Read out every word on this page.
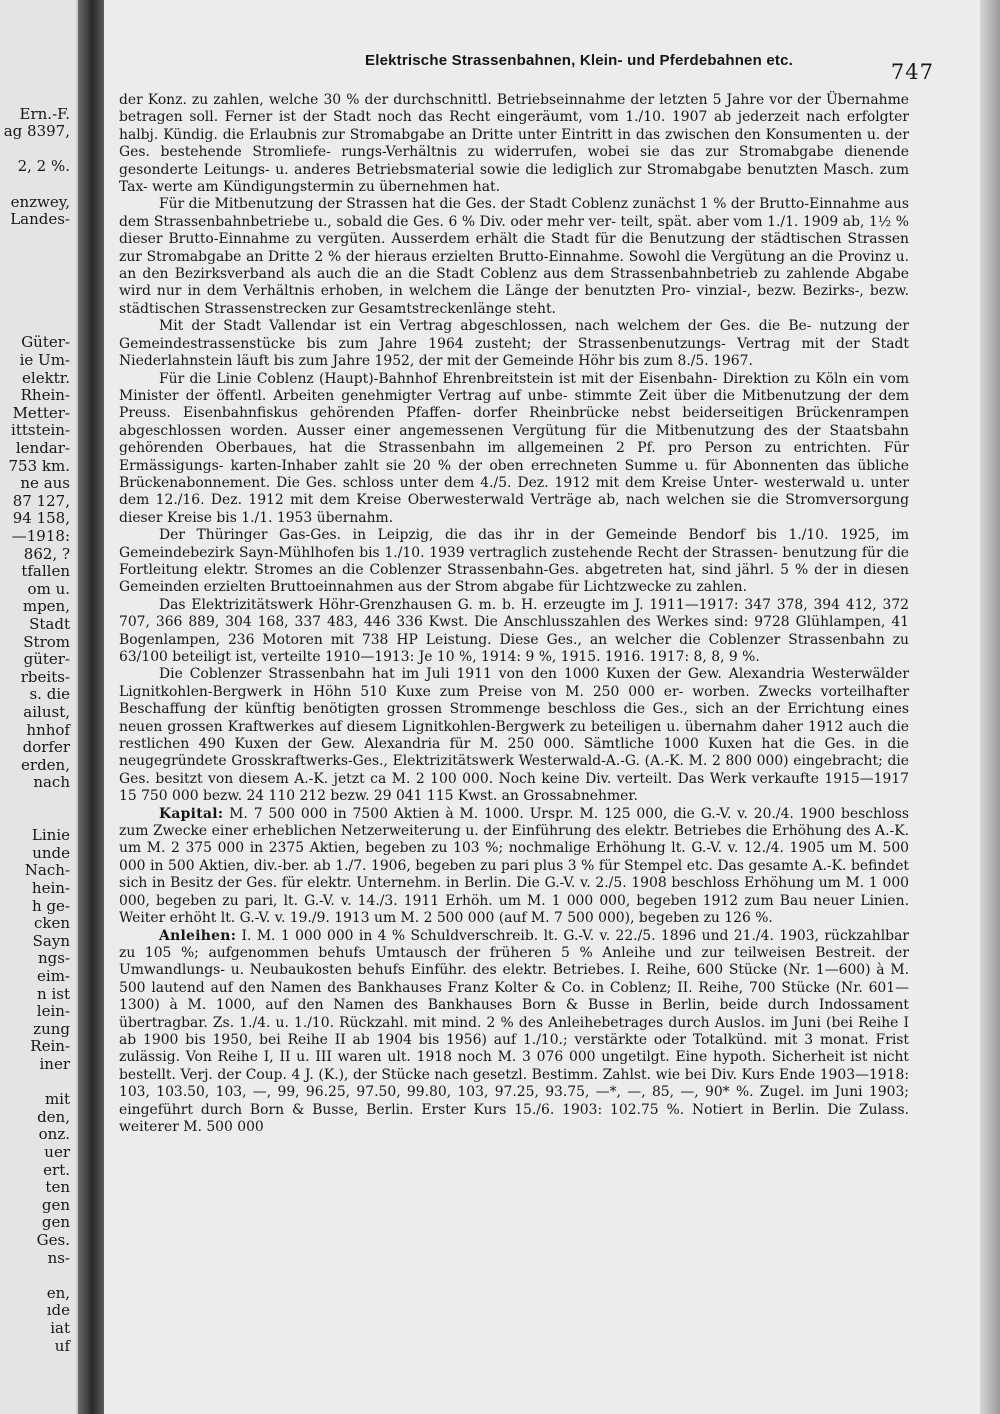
Ern.-F.
ag 8397,
2, 2 %.
enzwey,
Landes-
Güter-
ie Um-
elektr.
Rhein-
Metter-
ittstein-
lendar-
753 km.
ne aus
87 127,
94 158,
—1918:
862, ?
tfallen
om u.
mpen,
Stadt
Strom
güter-
rbeits-
s. die
ailust,
hnhof
dorfer
erden,
nach
Linie
unde
Nach-
hein-
h ge-
cken
Sayn
ngs-
eim-
n ist
lein-
zung
Rein-
iner
mit
den,
onz.
uer
ert.
ten
gen
gen
Ges.
ns-
en,
ıde
iat
uf
Elektrische Strassenbahnen, Klein- und Pferdebahnen etc.	747

der Konz. zu zahlen, welche 30 % der durchschnittl. Betriebseinnahme der letzten 5 Jahre vor der Übernahme betragen soll. Ferner ist der Stadt noch das Recht eingeräumt, vom 1./10. 1907 ab jederzeit nach erfolgter halbj. Kündig. die Erlaubnis zur Stromabgabe an Dritte unter Eintritt in das zwischen den Konsumenten u. der Ges. bestehende Stromliefe- rungs-Verhältnis zu widerrufen, wobei sie das zur Stromabgabe dienende gesonderte Leitungs- u. anderes Betriebsmaterial sowie die lediglich zur Stromabgabe benutzten Masch. zum Tax- werte am Kündigungstermin zu übernehmen hat.

Für die Mitbenutzung der Strassen hat die Ges. der Stadt Coblenz zunächst 1 % der Brutto-Einnahme aus dem Strassenbahnbetriebe u., sobald die Ges. 6 % Div. oder mehr ver- teilt, spät. aber vom 1./1. 1909 ab, 1½ % dieser Brutto-Einnahme zu vergüten. Ausserdem erhält die Stadt für die Benutzung der städtischen Strassen zur Stromabgabe an Dritte 2 % der hieraus erzielten Brutto-Einnahme. Sowohl die Vergütung an die Provinz u. an den Bezirksverband als auch die an die Stadt Coblenz aus dem Strassenbahnbetrieb zu zahlende Abgabe wird nur in dem Verhältnis erhoben, in welchem die Länge der benutzten Pro- vinzial-, bezw. Bezirks-, bezw. städtischen Strassenstrecken zur Gesamtstreckenlänge steht.

Mit der Stadt Vallendar ist ein Vertrag abgeschlossen, nach welchem der Ges. die Be- nutzung der Gemeindestrassenstücke bis zum Jahre 1964 zusteht; der Strassenbenutzungs- Vertrag mit der Stadt Niederlahnstein läuft bis zum Jahre 1952, der mit der Gemeinde Höhr bis zum 8./5. 1967.

Für die Linie Coblenz (Haupt)-Bahnhof Ehrenbreitstein ist mit der Eisenbahn- Direktion zu Köln ein vom Minister der öffentl. Arbeiten genehmigter Vertrag auf unbe- stimmte Zeit über die Mitbenutzung der dem Preuss. Eisenbahnfiskus gehörenden Pfaffen- dorfer Rheinbrücke nebst beiderseitigen Brückenrampen abgeschlossen worden. Ausser einer angemessenen Vergütung für die Mitbenutzung des der Staatsbahn gehörenden Oberbaues, hat die Strassenbahn im allgemeinen 2 Pf. pro Person zu entrichten. Für Ermässigungs- karten-Inhaber zahlt sie 20 % der oben errechneten Summe u. für Abonnenten das übliche Brückenabonnement. Die Ges. schloss unter dem 4./5. Dez. 1912 mit dem Kreise Unter- westerwald u. unter dem 12./16. Dez. 1912 mit dem Kreise Oberwesterwald Verträge ab, nach welchen sie die Stromversorgung dieser Kreise bis 1./1. 1953 übernahm.

Der Thüringer Gas-Ges. in Leipzig, die das ihr in der Gemeinde Bendorf bis 1./10. 1925, im Gemeindebezirk Sayn-Mühlhofen bis 1./10. 1939 vertraglich zustehende Recht der Strassen- benutzung für die Fortleitung elektr. Stromes an die Coblenzer Strassenbahn-Ges. abgetreten hat, sind jährl. 5 % der in diesen Gemeinden erzielten Bruttoeinnahmen aus der Strom abgabe für Lichtzwecke zu zahlen.

Das Elektrizitätswerk Höhr-Grenzhausen G. m. b. H. erzeugte im J. 1911—1917: 347 378, 394 412, 372 707, 366 889, 304 168, 337 483, 446 336 Kwst. Die Anschlusszahlen des Werkes sind: 9728 Glühlampen, 41 Bogenlampen, 236 Motoren mit 738 HP Leistung. Diese Ges., an welcher die Coblenzer Strassenbahn zu 63/100 beteiligt ist, verteilte 1910—1913: Je 10 %, 1914: 9 %, 1915. 1916. 1917: 8, 8, 9 %.

Die Coblenzer Strassenbahn hat im Juli 1911 von den 1000 Kuxen der Gew. Alexandria Westerwälder Lignitkohlen-Bergwerk in Höhn 510 Kuxe zum Preise von M. 250 000 er- worben. Zwecks vorteilhafter Beschaffung der künftig benötigten grossen Strommenge beschloss die Ges., sich an der Errichtung eines neuen grossen Kraftwerkes auf diesem Lignitkohlen-Bergwerk zu beteiligen u. übernahm daher 1912 auch die restlichen 490 Kuxen der Gew. Alexandria für M. 250 000. Sämtliche 1000 Kuxen hat die Ges. in die neugegründete Grosskraftwerks-Ges., Elektrizitätswerk Westerwald-A.-G. (A.-K. M. 2 800 000) eingebracht; die Ges. besitzt von diesem A.-K. jetzt ca M. 2 100 000. Noch keine Div. verteilt. Das Werk verkaufte 1915—1917 15 750 000 bezw. 24 110 212 bezw. 29 041 115 Kwst. an Grossabnehmer.

Kapital: M. 7 500 000 in 7500 Aktien à M. 1000. Urspr. M. 125 000, die G.-V. v. 20./4. 1900 beschloss zum Zwecke einer erheblichen Netzerweiterung u. der Einführung des elektr. Betriebes die Erhöhung des A.-K. um M. 2 375 000 in 2375 Aktien, begeben zu 103 %; nochmalige Erhöhung lt. G.-V. v. 12./4. 1905 um M. 500 000 in 500 Aktien, div.-ber. ab 1./7. 1906, begeben zu pari plus 3 % für Stempel etc. Das gesamte A.-K. befindet sich in Besitz der Ges. für elektr. Unternehm. in Berlin. Die G.-V. v. 2./5. 1908 beschloss Erhöhung um M. 1 000 000, begeben zu pari, lt. G.-V. v. 14./3. 1911 Erhöh. um M. 1 000 000, begeben 1912 zum Bau neuer Linien. Weiter erhöht lt. G.-V. v. 19./9. 1913 um M. 2 500 000 (auf M. 7 500 000), begeben zu 126 %.

Anleihen: I. M. 1 000 000 in 4 % Schuldverschreib. lt. G.-V. v. 22./5. 1896 und 21./4. 1903, rückzahlbar zu 105 %; aufgenommen behufs Umtausch der früheren 5 % Anleihe und zur teilweisen Bestreit. der Umwandlungs- u. Neubaukosten behufs Einführ. des elektr. Betriebes. I. Reihe, 600 Stücke (Nr. 1—600) à M. 500 lautend auf den Namen des Bankhauses Franz Kolter & Co. in Coblenz; II. Reihe, 700 Stücke (Nr. 601—1300) à M. 1000, auf den Namen des Bankhauses Born & Busse in Berlin, beide durch Indossament übertragbar. Zs. 1./4. u. 1./10. Rückzahl. mit mind. 2 % des Anleihebetrages durch Auslos. im Juni (bei Reihe I ab 1900 bis 1950, bei Reihe II ab 1904 bis 1956) auf 1./10.; verstärkte oder Totalkünd. mit 3 monat. Frist zulässig. Von Reihe I, II u. III waren ult. 1918 noch M. 3 076 000 ungetilgt. Eine hypoth. Sicherheit ist nicht bestellt. Verj. der Coup. 4 J. (K.), der Stücke nach gesetzl. Bestimm. Zahlst. wie bei Div. Kurs Ende 1903—1918: 103, 103.50, 103, —, 99, 96.25, 97.50, 99.80, 103, 97.25, 93.75, —*, —, 85, —, 90* %. Zugel. im Juni 1903; eingeführt durch Born & Busse, Berlin. Erster Kurs 15./6. 1903: 102.75 %. Notiert in Berlin. Die Zulass. weiterer M. 500 000
